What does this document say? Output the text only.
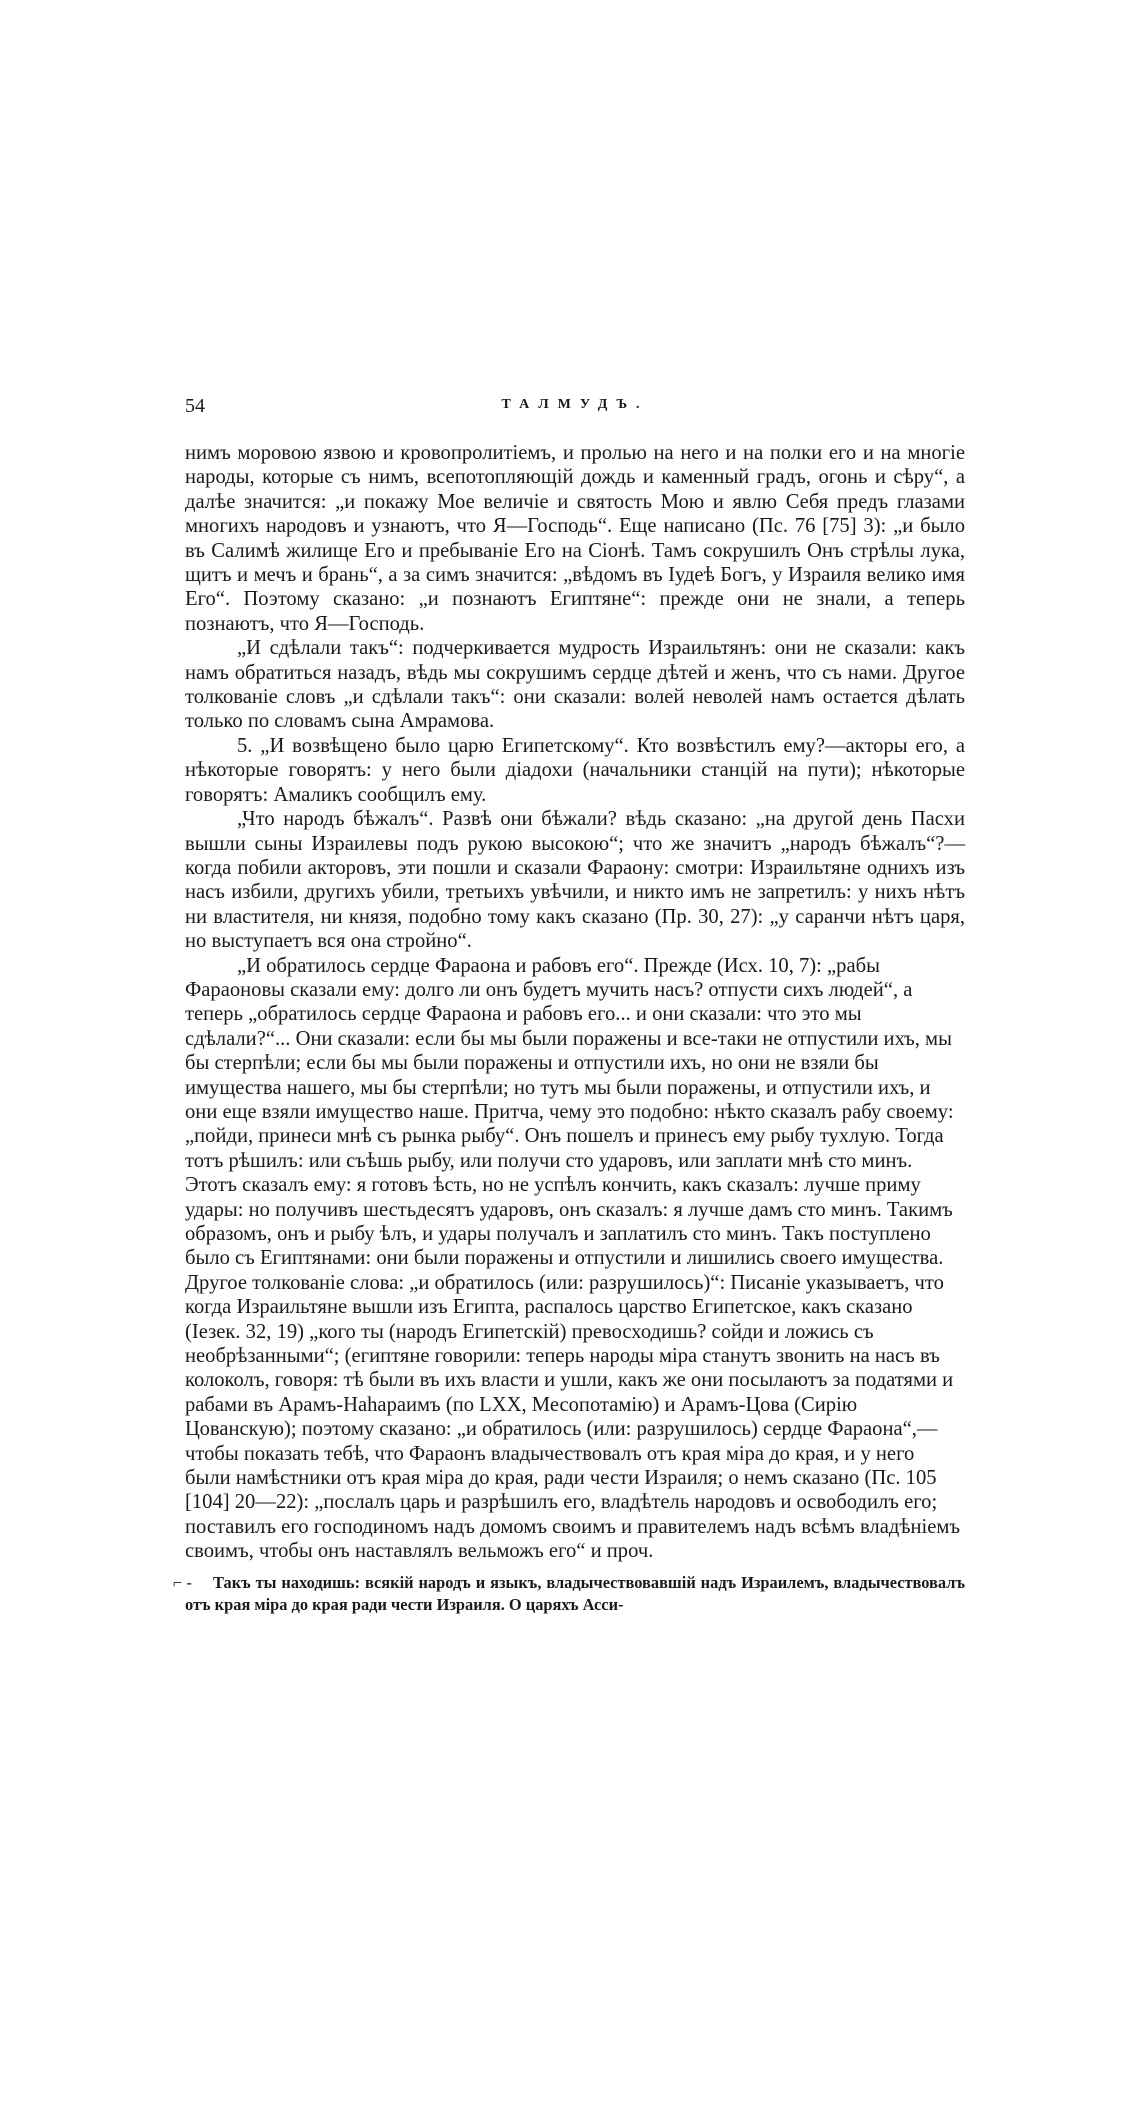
54	ТАЛМУДЪ.

нимъ моровою язвою и кровопролитіемъ, и пролью на него и на полки его и на многіе народы, которые съ нимъ, всепотопляющій дождь и каменный градъ, огонь и сѣру“, а далѣе значится: „и покажу Мое величіе и святость Мою и явлю Себя предъ глазами многихъ народовъ и узнаютъ, что Я—Господь“. Еще написано (Пс. 76 [75] 3): „и было въ Салимѣ жилище Его и пребываніе Его на Сіонѣ. Тамъ сокрушилъ Онъ стрѣлы лука, щитъ и мечъ и брань“, а за симъ значится: „вѣдомъ въ Іудеѣ Богъ, у Израиля велико имя Его“. Поэтому сказано: „и познаютъ Египтяне“: прежде они не знали, а теперь познаютъ, что Я—Господь.

„И сдѣлали такъ“: подчеркивается мудрость Израильтянъ: они не сказали: какъ намъ обратиться назадъ, вѣдь мы сокрушимъ сердце дѣтей и женъ, что съ нами. Другое толкованіе словъ „и сдѣлали такъ“: они сказали: волей неволей намъ остается дѣлать только по словамъ сына Амрамова.

5. „И возвѣщено было царю Египетскому“. Кто возвѣстилъ ему?—акторы его, а нѣкоторые говорятъ: у него были діадохи (начальники станцій на пути); нѣкоторые говорятъ: Амаликъ сообщилъ ему.

„Что народъ бѣжалъ“. Развѣ они бѣжали? вѣдь сказано: „на другой день Пасхи вышли сыны Израилевы подъ рукою высокою“; что же значитъ „народъ бѣжалъ“?—когда побили акторовъ, эти пошли и сказали Фараону: смотри: Израильтяне однихъ изъ насъ избили, другихъ убили, третьихъ увѣчили, и никто имъ не запретилъ: у нихъ нѣтъ ни властителя, ни князя, подобно тому какъ сказано (Пр. 30, 27): „у саранчи нѣтъ царя, но выступаетъ вся она стройно“.

„И обратилось сердце Фараона и рабовъ его“. Прежде (Исх. 10, 7): „рабы Фараоновы сказали ему: долго ли онъ будетъ мучить насъ? отпусти сихъ людей“, а теперь „обратилось сердце Фараона и рабовъ его... и они сказали: что это мы сдѣлали?“... Они сказали: если бы мы были поражены и все-таки не отпустили ихъ, мы бы стерпѣли; если бы мы были поражены и отпустили ихъ, но они не взяли бы имущества нашего, мы бы стерпѣли; но тутъ мы были поражены, и отпустили ихъ, и они еще взяли имущество наше. Притча, чему это подобно: нѣкто сказалъ рабу своему: „пойди, принеси мнѣ съ рынка рыбу“. Онъ пошелъ и принесъ ему рыбу тухлую. Тогда тотъ рѣшилъ: или съѣшь рыбу, или получи сто ударовъ, или заплати мнѣ сто минъ. Этотъ сказалъ ему: я готовъ ѣсть, но не успѣлъ кончить, какъ сказалъ: лучше приму удары: но получивъ шестьдесятъ ударовъ, онъ сказалъ: я лучше дамъ сто минъ. Такимъ образомъ, онъ и рыбу ѣлъ, и удары получалъ и заплатилъ сто минъ. Такъ поступлено было съ Египтянами: они были поражены и отпустили и лишились своего имущества. Другое толкованіе слова: „и обратилось (или: разрушилось)“: Писаніе указываетъ, что когда Израильтяне вышли изъ Египта, распалось царство Египетское, какъ сказано (Іезек. 32, 19) „кого ты (народъ Египетскій) превосходишь? сойди и ложись съ необрѣзанными“; (египтяне говорили: теперь народы міра станутъ звонить на насъ въ колоколъ, говоря: тѣ были въ ихъ власти и ушли, какъ же они посылаютъ за податями и рабами въ Арамъ-Наһараимъ (по LXX, Месопотамію) и Арамъ-Цова (Сирію Цованскую); поэтому сказано: „и обратилось (или: разрушилось) сердце Фараона“,—чтобы показать тебѣ, что Фараонъ владычествовалъ отъ края міра до края, и у него были намѣстники отъ края міра до края, ради чести Израиля; о немъ сказано (Пс. 105 [104] 20—22): „послалъ царь и разрѣшилъ его, владѣтель народовъ и освободилъ его; поставилъ его господиномъ надъ домомъ своимъ и правителемъ надъ всѣмъ владѣніемъ своимъ, чтобы онъ наставлялъ вельможъ его“ и проч.

⌐ - Такъ ты находишь: всякій народъ и языкъ, владычествовавшій надъ Израилемъ, владычествовалъ отъ края міра до края ради чести Израиля. О царяхъ Асси-
